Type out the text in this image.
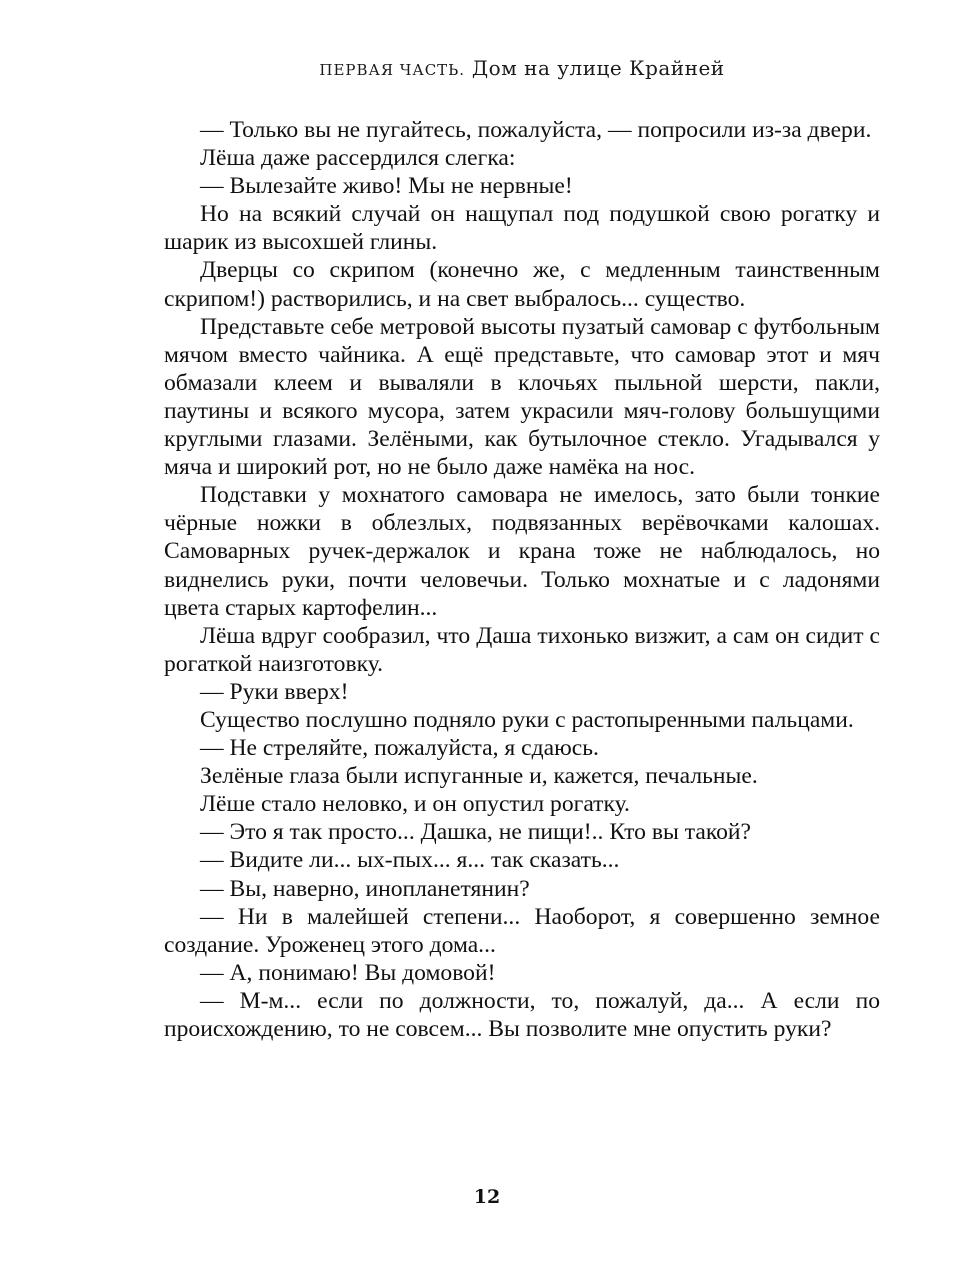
ПЕРВАЯ ЧАСТЬ. Дом на улице Крайней

— Только вы не пугайтесь, пожалуйста, — попросили из-за двери.

Лёша даже рассердился слегка:

— Вылезайте живо! Мы не нервные!

Но на всякий случай он нащупал под подушкой свою рогатку и шарик из высохшей глины.

Дверцы со скрипом (конечно же, с медленным таинственным скрипом!) растворились, и на свет выбралось... существо.

Представьте себе метровой высоты пузатый самовар с футбольным мячом вместо чайника. А ещё представьте, что самовар этот и мяч обмазали клеем и вываляли в клочьях пыльной шерсти, пакли, паутины и всякого мусора, затем украсили мяч-голову большущими круглыми глазами. Зелёными, как бутылочное стекло. Угадывался у мяча и широкий рот, но не было даже намёка на нос.

Подставки у мохнатого самовара не имелось, зато были тонкие чёрные ножки в облезлых, подвязанных верёвочками калошах. Самоварных ручек-держалок и крана тоже не наблюдалось, но виднелись руки, почти человечьи. Только мохнатые и с ладонями цвета старых картофелин...

Лёша вдруг сообразил, что Даша тихонько визжит, а сам он сидит с рогаткой наизготовку.

— Руки вверх!

Существо послушно подняло руки с растопыренными пальцами.

— Не стреляйте, пожалуйста, я сдаюсь.

Зелёные глаза были испуганные и, кажется, печальные.

Лёше стало неловко, и он опустил рогатку.

— Это я так просто... Дашка, не пищи!.. Кто вы такой?

— Видите ли... ых-пых... я... так сказать...

— Вы, наверно, инопланетянин?

— Ни в малейшей степени... Наоборот, я совершенно земное создание. Уроженец этого дома...

— А, понимаю! Вы домовой!

— М-м... если по должности, то, пожалуй, да... А если по происхождению, то не совсем... Вы позволите мне опустить руки?

12
